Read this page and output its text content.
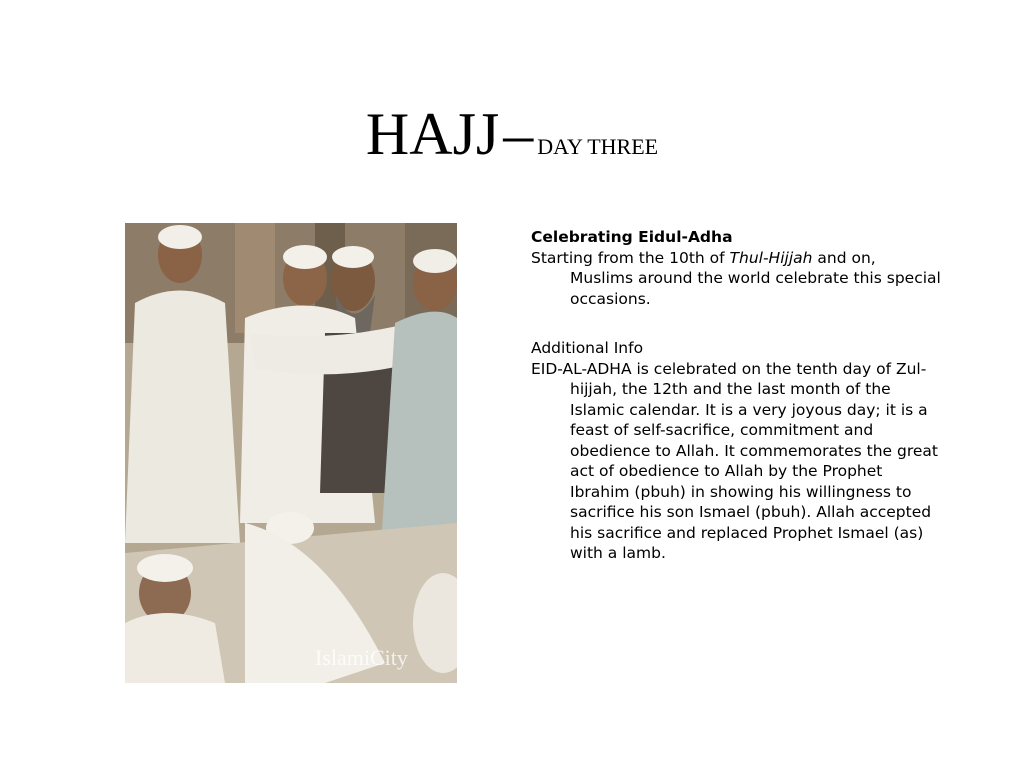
HAJJ – DAY THREE
IslamiCity

Celebrating Eidul-Adha

Starting from the 10th of Thul-Hijjah and on, Muslims around the world celebrate this special occasions.

Additional Info

EID-AL-ADHA is celebrated on the tenth day of Zul-hijjah, the 12th and the last month of the Islamic calendar. It is a very joyous day; it is a feast of self-sacrifice, commitment and obedience to Allah. It commemorates the great act of obedience to Allah by the Prophet Ibrahim (pbuh) in showing his willingness to sacrifice his son Ismael (pbuh). Allah accepted his sacrifice and replaced Prophet Ismael (as) with a lamb.
